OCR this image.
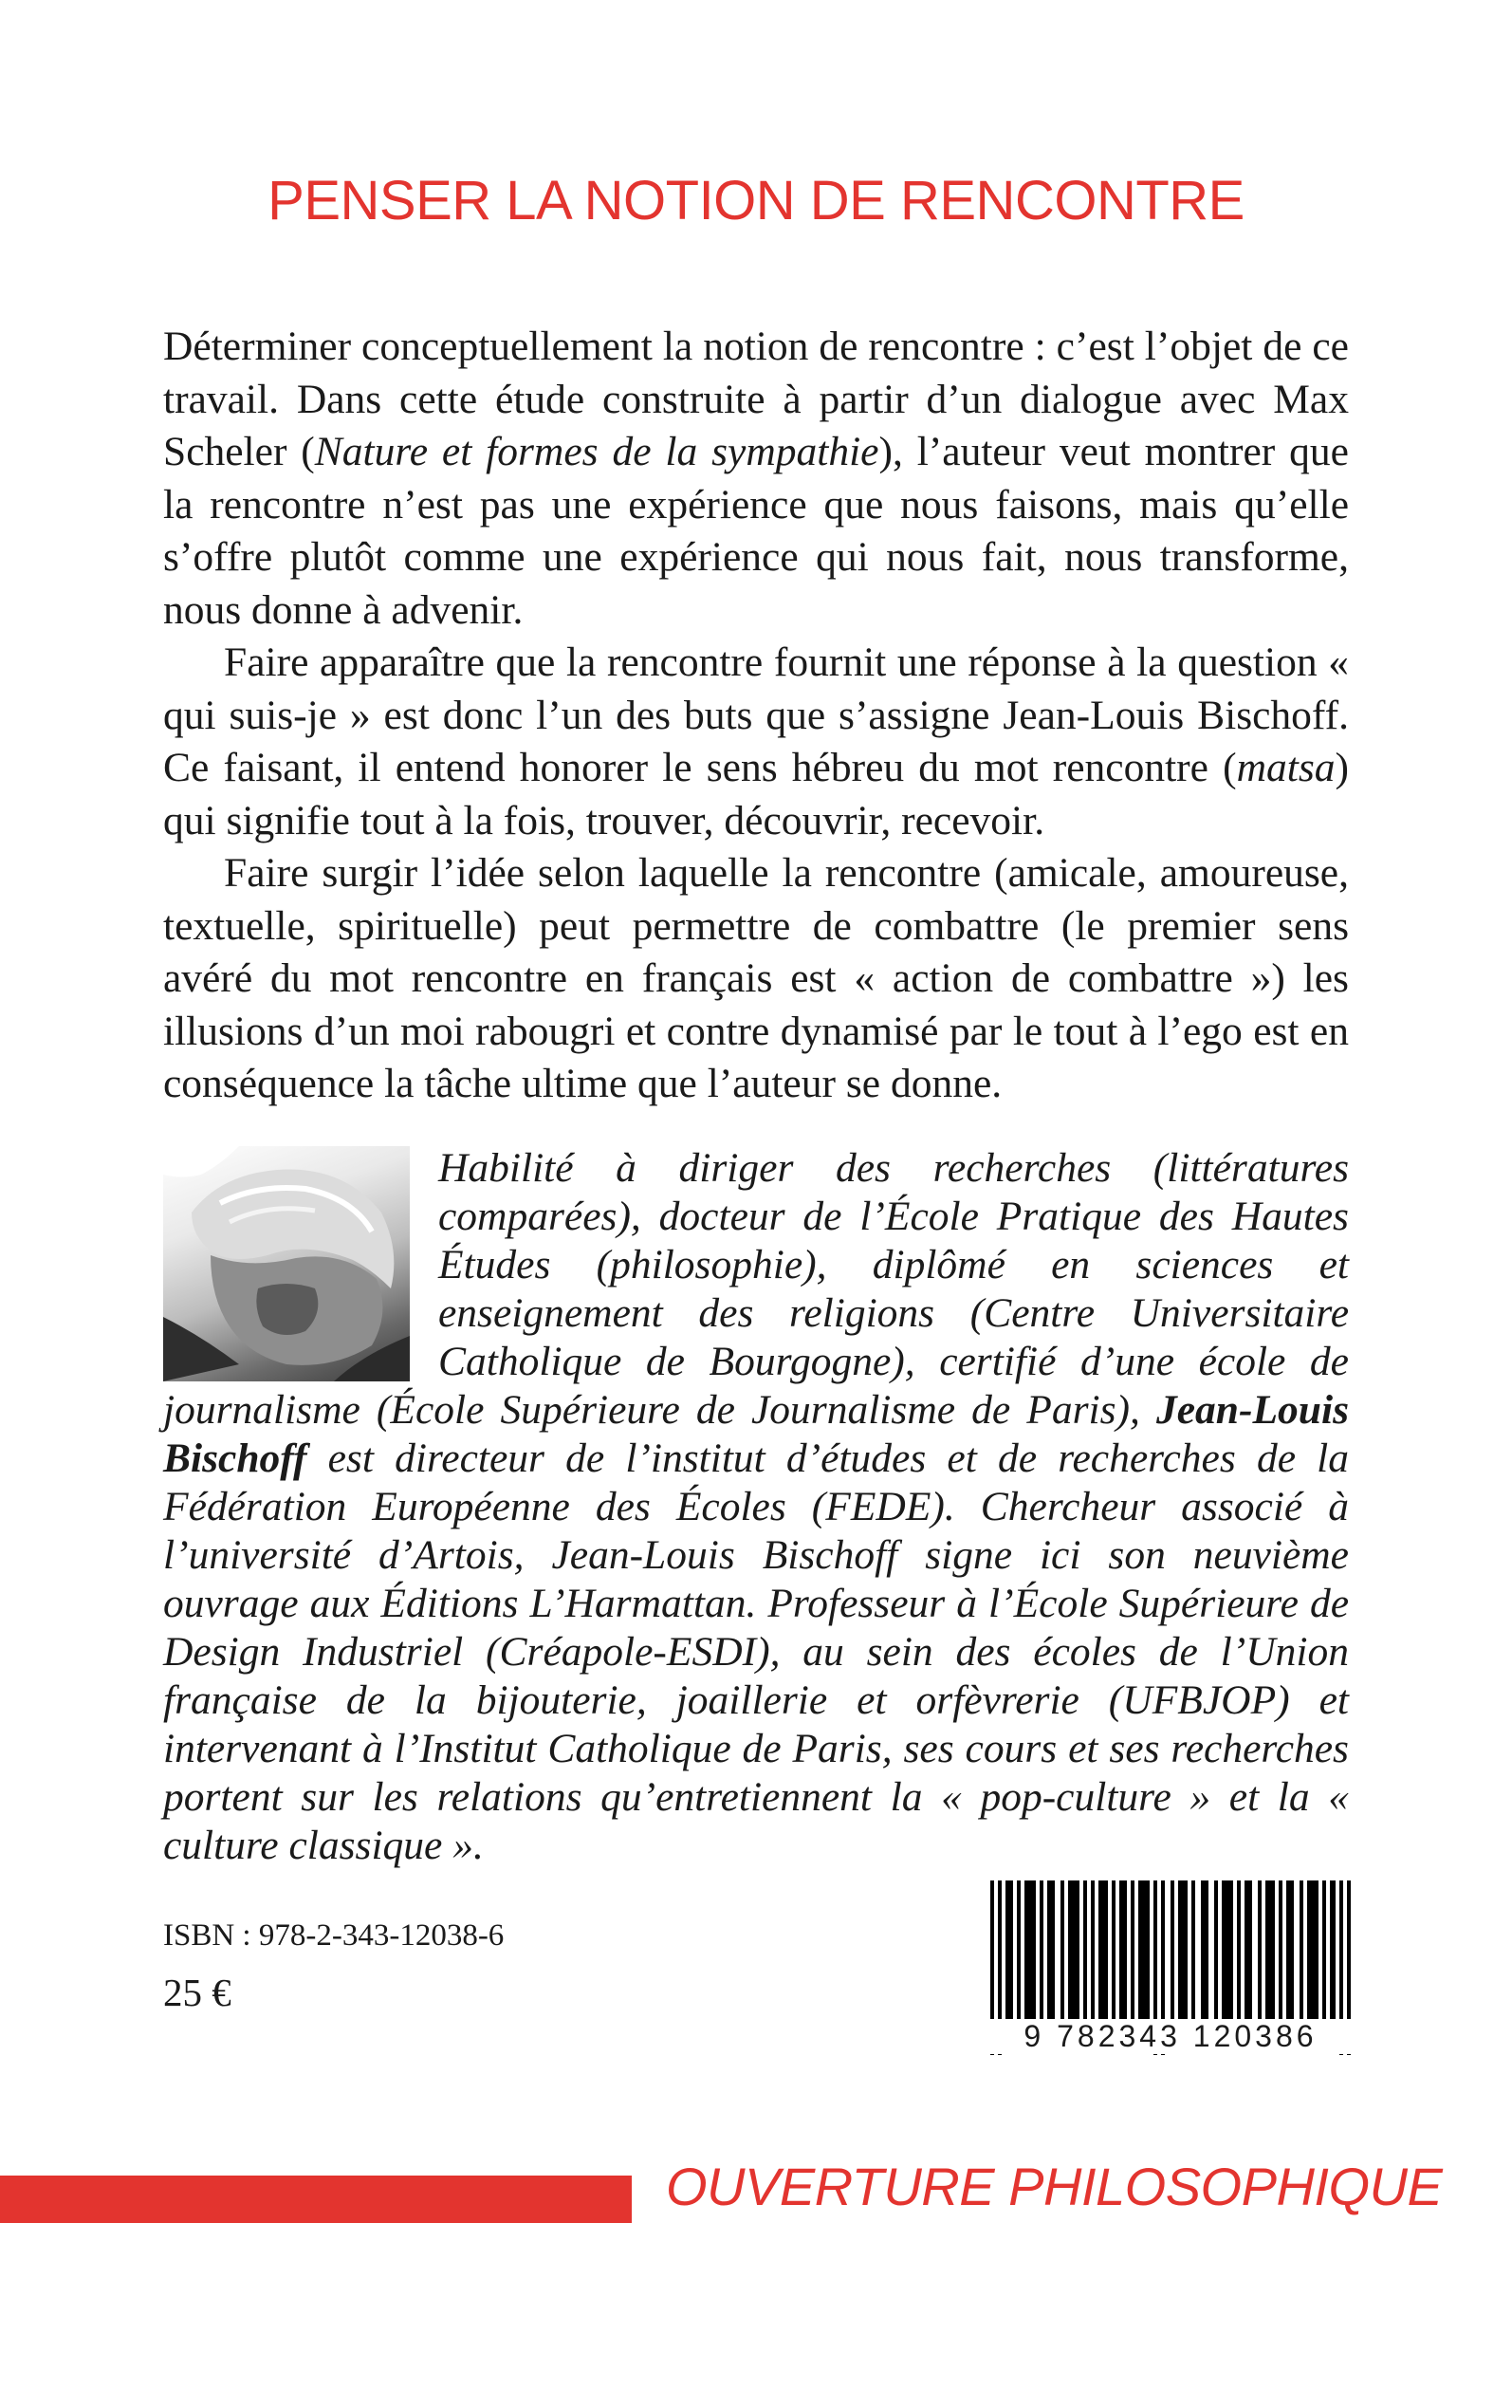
PENSER LA NOTION DE RENCONTRE

Déterminer conceptuellement la notion de rencontre : c’est l’objet de ce travail. Dans cette étude construite à partir d’un dialogue avec Max Scheler (Nature et formes de la sympathie), l’auteur veut montrer que la rencontre n’est pas une expérience que nous faisons, mais qu’elle s’offre plutôt comme une expérience qui nous fait, nous transforme, nous donne à advenir.

Faire apparaître que la rencontre fournit une réponse à la question « qui suis-je » est donc l’un des buts que s’assigne Jean-Louis Bischoff. Ce faisant, il entend honorer le sens hébreu du mot rencontre (matsa) qui signifie tout à la fois, trouver, découvrir, recevoir.

Faire surgir l’idée selon laquelle la rencontre (amicale, amoureuse, textuelle, spirituelle) peut permettre de combattre (le premier sens avéré du mot rencontre en français est « action de combattre ») les illusions d’un moi rabougri et contre dynamisé par le tout à l’ego est en conséquence la tâche ultime que l’auteur se donne.

Habilité à diriger des recherches (littératures comparées), docteur de l’École Pratique des Hautes Études (philosophie), diplômé en sciences et enseignement des religions (Centre Universitaire Catholique de Bourgogne), certifié d’une école de journalisme (École Supérieure de Journalisme de Paris), Jean-Louis Bischoff est directeur de l’institut d’études et de recherches de la Fédération Européenne des Écoles (FEDE). Chercheur associé à l’université d’Artois, Jean-Louis Bischoff signe ici son neuvième ouvrage aux Éditions L’Harmattan. Professeur à l’École Supérieure de Design Industriel (Créapole-ESDI), au sein des écoles de l’Union française de la bijouterie, joaillerie et orfèvrerie (UFBJOP) et intervenant à l’Institut Catholique de Paris, ses cours et ses recherches portent sur les relations qu’entretiennent la « pop-culture » et la « culture classique ».

ISBN : 978-2-343-12038-6
25 €
9 782343 120386
OUVERTURE PHILOSOPHIQUE
